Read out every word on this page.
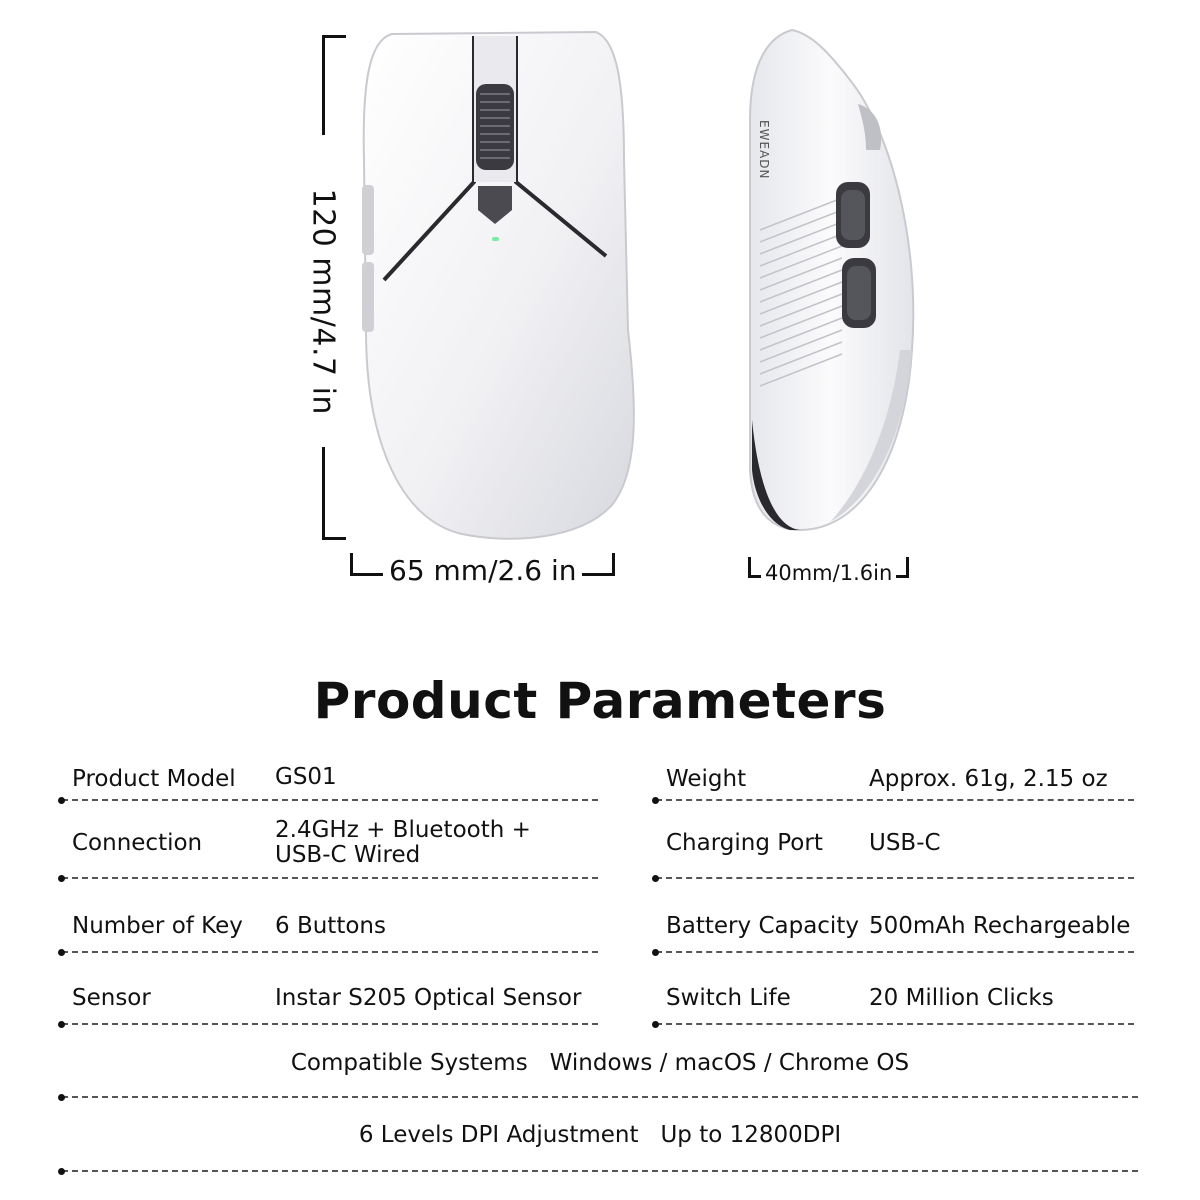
EWEADN
120 mm/4.7 in
65 mm/2.6 in	40mm/1.6in
Product Parameters
Product Model GS01
Connection	2.4GHz + Bluetooth +
USB-C Wired
Number of Key 6 Buttons
Sensor	Instar S205 Optical Sensor
Weight	Approx. 61g, 2.15 oz
Charging Port USB-C
Battery Capacity 500mAh Rechargeable
Switch Life	20 Million Clicks
Compatible Systems Windows / macOS / Chrome OS
6 Levels DPI Adjustment Up to 12800DPI
